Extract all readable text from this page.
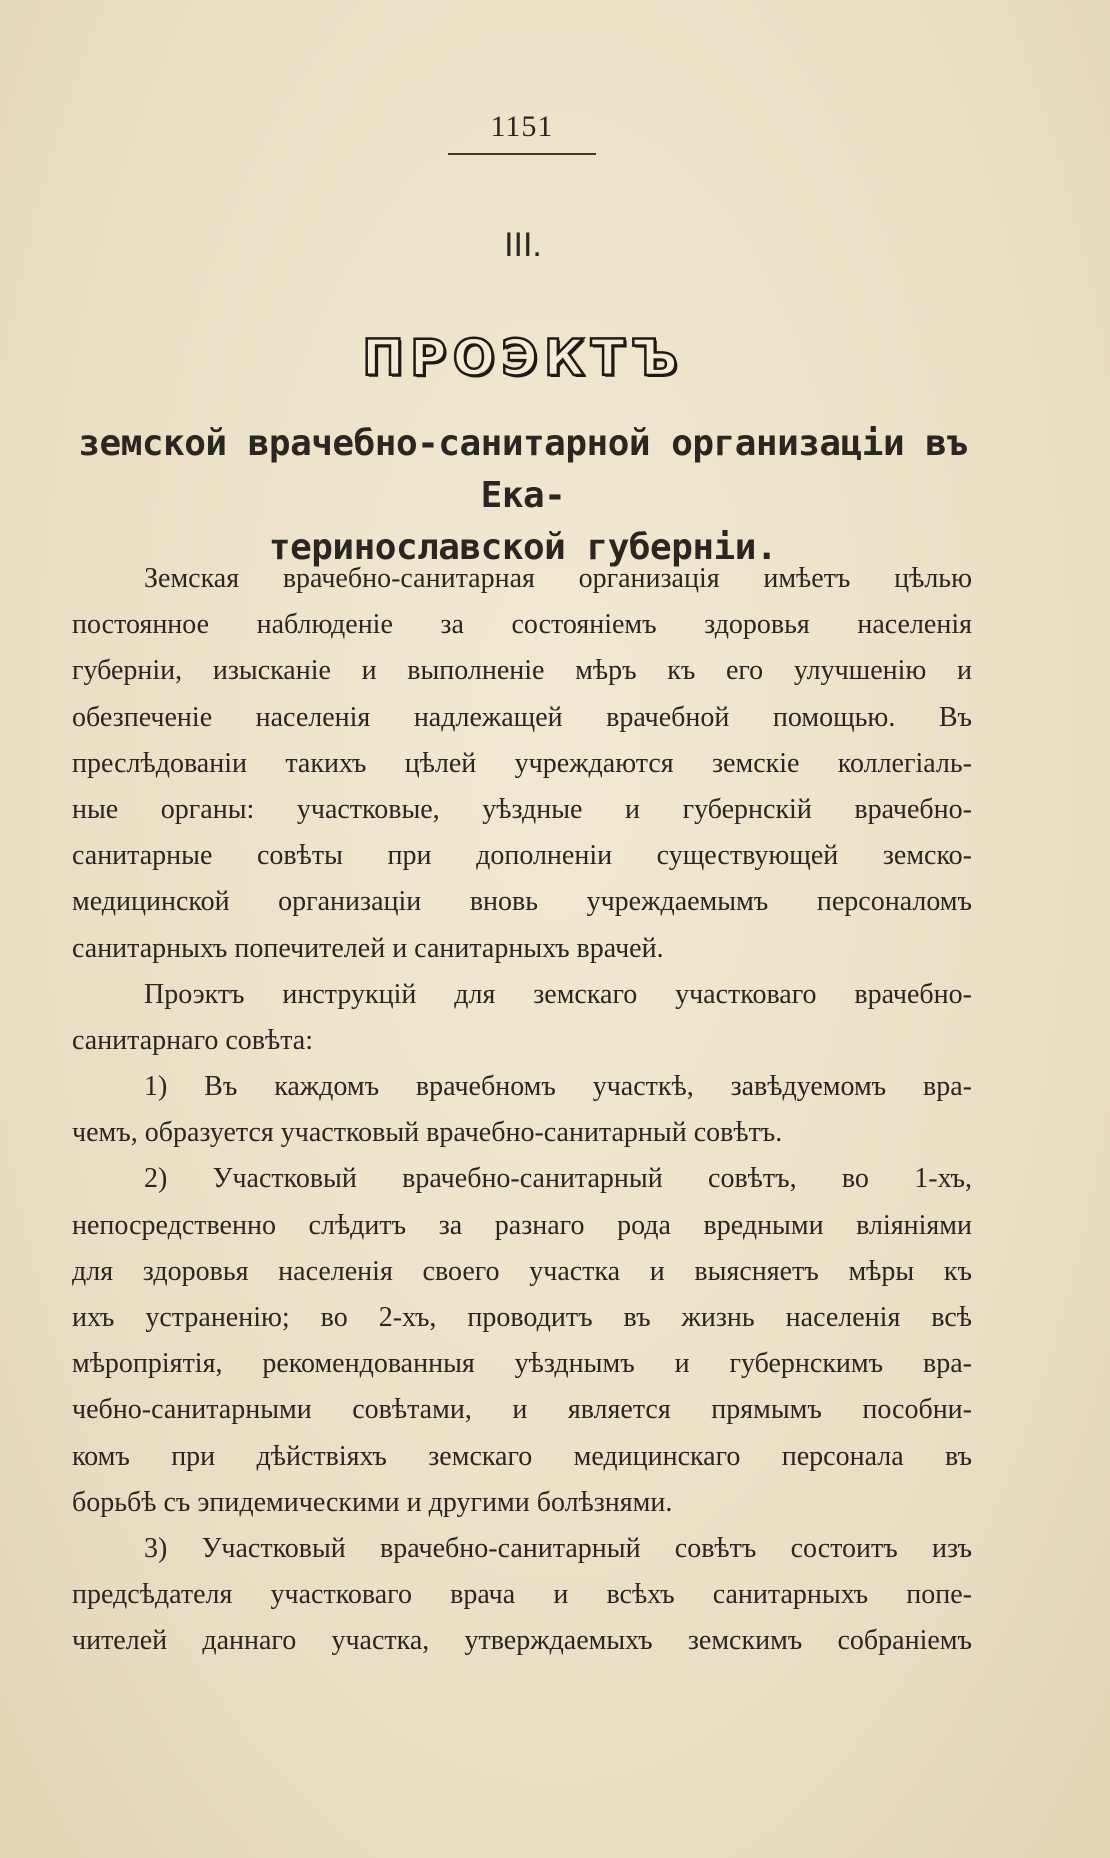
1151
III.
ПРОЭКТЪ
земской врачебно-санитарной организаціи въ Ека-
теринославской губерніи.
Земская врачебно-санитарная организація имѣетъ цѣлью
постоянное наблюденіе за состояніемъ здоровья населенія
губерніи, изысканіе и выполненіе мѣръ къ его улучшенію и
обезпеченіе населенія надлежащей врачебной помощью. Въ
преслѣдованіи такихъ цѣлей учреждаются земскіе коллегіаль-
ные органы: участковые, уѣздные и губернскій врачебно-
санитарные совѣты при дополненіи существующей земско-
медицинской организаціи вновь учреждаемымъ персоналомъ
санитарныхъ попечителей и санитарныхъ врачей.
Проэктъ инструкцій для земскаго участковаго врачебно-
санитарнаго совѣта:
1) Въ каждомъ врачебномъ участкѣ, завѣдуемомъ вра-
чемъ, образуется участковый врачебно-санитарный совѣтъ.
2) Участковый врачебно-санитарный совѣтъ, во 1-хъ,
непосредственно слѣдитъ за разнаго рода вредными вліяніями
для здоровья населенія своего участка и выясняетъ мѣры къ
ихъ устраненію; во 2-хъ, проводитъ въ жизнь населенія всѣ
мѣропріятія, рекомендованныя уѣзднымъ и губернскимъ вра-
чебно-санитарными совѣтами, и является прямымъ пособни-
комъ при дѣйствіяхъ земскаго медицинскаго персонала въ
борьбѣ съ эпидемическими и другими болѣзнями.
3) Участковый врачебно-санитарный совѣтъ состоитъ изъ
предсѣдателя участковаго врача и всѣхъ санитарныхъ попе-
чителей даннаго участка, утверждаемыхъ земскимъ собраніемъ
